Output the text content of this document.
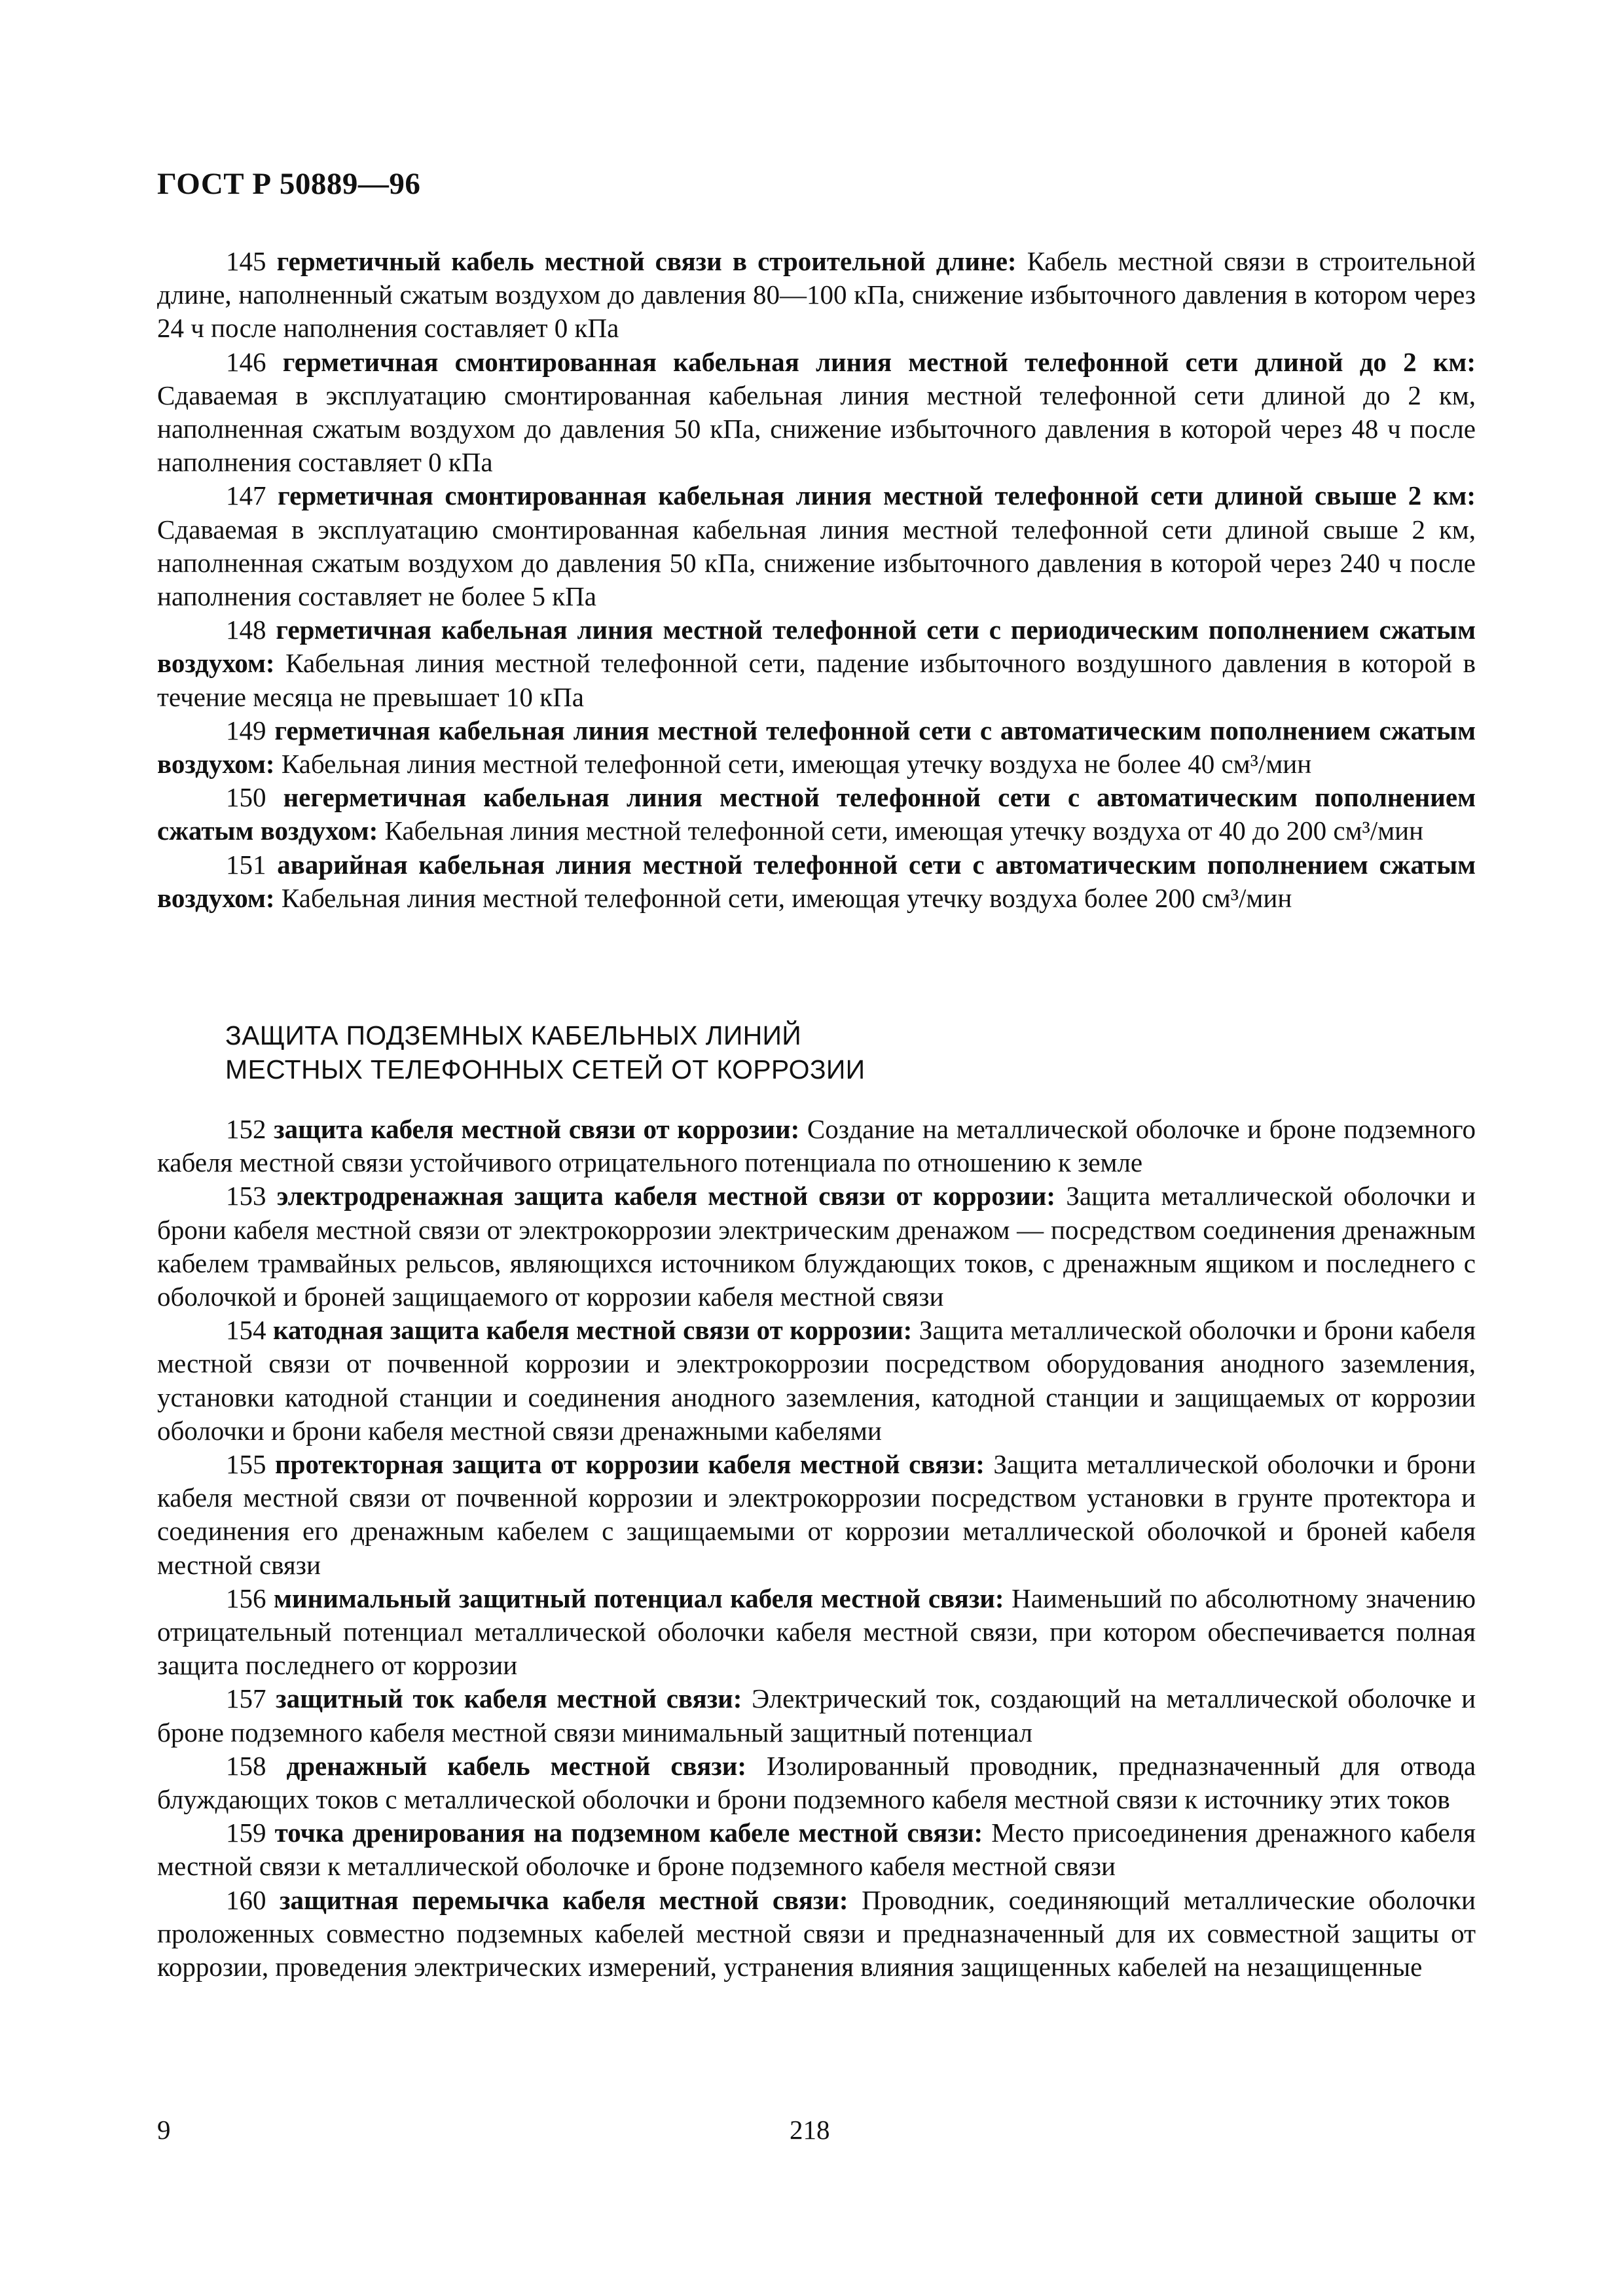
ГОСТ Р 50889—96

145 герметичный кабель местной связи в строительной длине: Кабель местной связи в строительной длине, наполненный сжатым воздухом до давления 80—100 кПа, снижение избыточного давления в котором через 24 ч после наполнения составляет 0 кПа

146 герметичная смонтированная кабельная линия местной телефонной сети длиной до 2 км: Сдаваемая в эксплуатацию смонтированная кабельная линия местной телефонной сети длиной до 2 км, наполненная сжатым воздухом до давления 50 кПа, снижение избыточного давления в которой через 48 ч после наполнения составляет 0 кПа

147 герметичная смонтированная кабельная линия местной телефонной сети длиной свыше 2 км: Сдаваемая в эксплуатацию смонтированная кабельная линия местной телефонной сети длиной свыше 2 км, наполненная сжатым воздухом до давления 50 кПа, снижение избыточного давления в которой через 240 ч после наполнения составляет не более 5 кПа

148 герметичная кабельная линия местной телефонной сети с периодическим пополнением сжатым воздухом: Кабельная линия местной телефонной сети, падение избыточного воздушного давления в которой в течение месяца не превышает 10 кПа

149 герметичная кабельная линия местной телефонной сети с автоматическим пополнением сжатым воздухом: Кабельная линия местной телефонной сети, имеющая утечку воздуха не более 40 см³/мин

150 негерметичная кабельная линия местной телефонной сети с автоматическим пополнением сжатым воздухом: Кабельная линия местной телефонной сети, имеющая утечку воздуха от 40 до 200 см³/мин

151 аварийная кабельная линия местной телефонной сети с автоматическим пополнением сжатым воздухом: Кабельная линия местной телефонной сети, имеющая утечку воздуха более 200 см³/мин

ЗАЩИТА ПОДЗЕМНЫХ КАБЕЛЬНЫХ ЛИНИЙ
МЕСТНЫХ ТЕЛЕФОННЫХ СЕТЕЙ ОТ КОРРОЗИИ

152 защита кабеля местной связи от коррозии: Создание на металлической оболочке и броне подземного кабеля местной связи устойчивого отрицательного потенциала по отношению к земле

153 электродренажная защита кабеля местной связи от коррозии: Защита металлической оболочки и брони кабеля местной связи от электрокоррозии электрическим дренажом — посредством соединения дренажным кабелем трамвайных рельсов, являющихся источником блуждающих токов, с дренажным ящиком и последнего с оболочкой и броней защищаемого от коррозии кабеля местной связи

154 катодная защита кабеля местной связи от коррозии: Защита металлической оболочки и брони кабеля местной связи от почвенной коррозии и электрокоррозии посредством оборудования анодного заземления, установки катодной станции и соединения анодного заземления, катодной станции и защищаемых от коррозии оболочки и брони кабеля местной связи дренажными кабелями

155 протекторная защита от коррозии кабеля местной связи: Защита металлической оболочки и брони кабеля местной связи от почвенной коррозии и электрокоррозии посредством установки в грунте протектора и соединения его дренажным кабелем с защищаемыми от коррозии металлической оболочкой и броней кабеля местной связи

156 минимальный защитный потенциал кабеля местной связи: Наименьший по абсолютному значению отрицательный потенциал металлической оболочки кабеля местной связи, при котором обеспечивается полная защита последнего от коррозии

157 защитный ток кабеля местной связи: Электрический ток, создающий на металлической оболочке и броне подземного кабеля местной связи минимальный защитный потенциал

158 дренажный кабель местной связи: Изолированный проводник, предназначенный для отвода блуждающих токов с металлической оболочки и брони подземного кабеля местной связи к источнику этих токов

159 точка дренирования на подземном кабеле местной связи: Место присоединения дренажного кабеля местной связи к металлической оболочке и броне подземного кабеля местной связи

160 защитная перемычка кабеля местной связи: Проводник, соединяющий металлические оболочки проложенных совместно подземных кабелей местной связи и предназначенный для их совместной защиты от коррозии, проведения электрических измерений, устранения влияния защищенных кабелей на незащищенные

9	218
